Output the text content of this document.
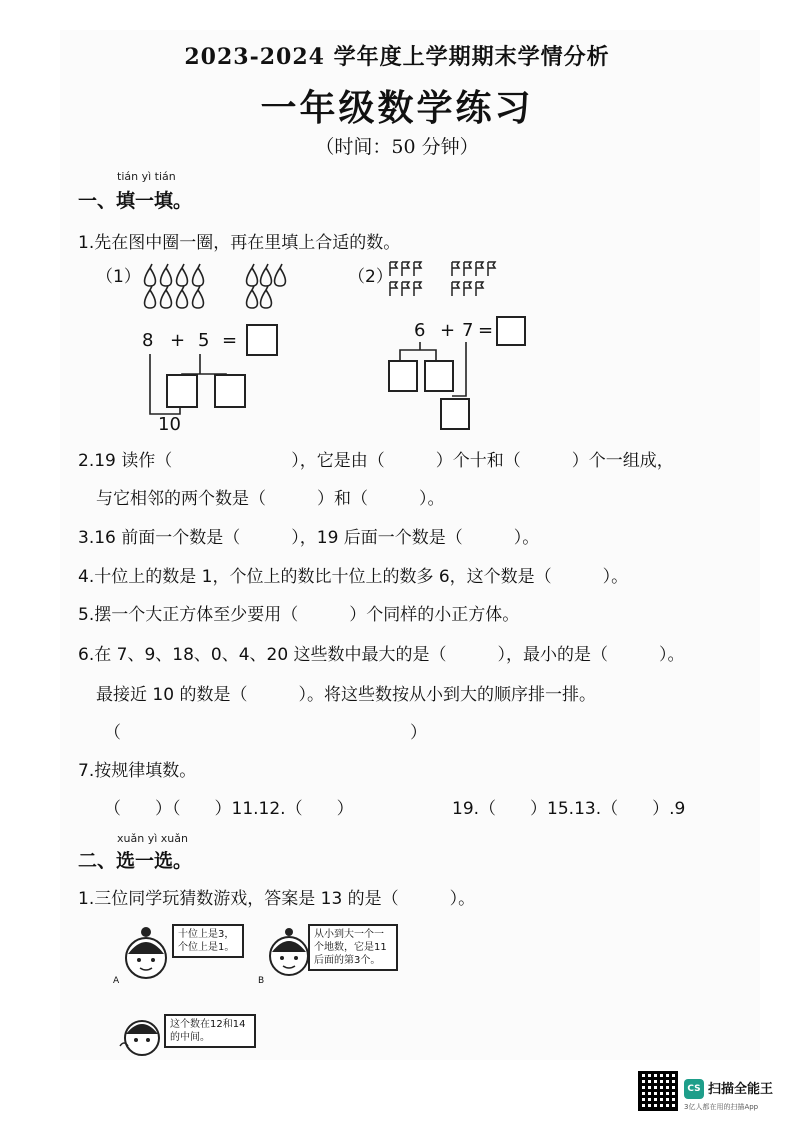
2023-2024 学年度上学期期末学情分析
一年级数学练习
（时间：50 分钟）
tián yì tián
一、填一填。
1.先在图中圈一圈，再在里填上合适的数。
（1）
8 + 5 =
10
（2）
6 + 7 =
2.19 读作（　　　　　　　），它是由（　　　）个十和（　　　）个一组成，
与它相邻的两个数是（　　　）和（　　　）。
3.16 前面一个数是（　　　），19 后面一个数是（　　　）。
4.十位上的数是 1，个位上的数比十位上的数多 6，这个数是（　　　）。
5.摆一个大正方体至少要用（　　　）个同样的小正方体。
6.在 7、9、18、0、4、20 这些数中最大的是（　　　），最小的是（　　　）。
最接近 10 的数是（　　　）。将这些数按从小到大的顺序排一排。
（　　　　　　　　　　　　　　　　　）
7.按规律填数。
（　　）（　　）11.12.（　　）	19.（　　）15.13.（　　）.9
xuǎn yì xuǎn
二、选一选。
1.三位同学玩猜数游戏，答案是 13 的是（　　　）。
A
十位上是3，个位上是1。
B
从小到大一个一个地数，它是11后面的第3个。
这个数在12和14的中间。
CS 扫描全能王
3亿人都在用的扫描App
